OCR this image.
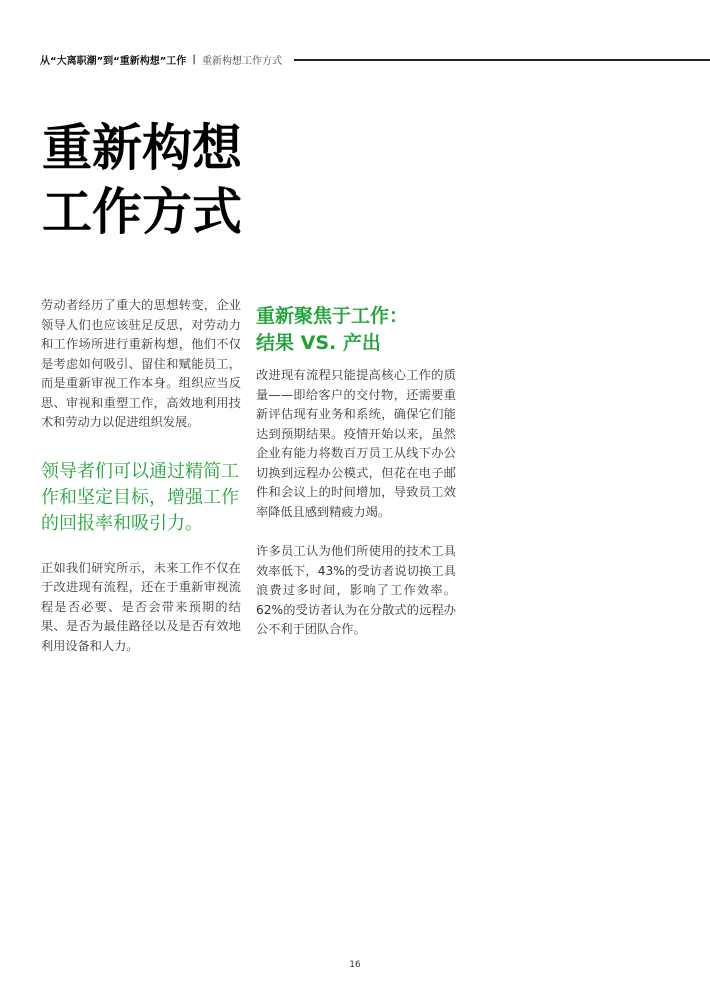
从“大离职潮”到“重新构想”工作 | 重新构想工作方式
重新构想
工作方式

劳动者经历了重大的思想转变，企业领导人们也应该驻足反思，对劳动力和工作场所进行重新构想，他们不仅是考虑如何吸引、留住和赋能员工，而是重新审视工作本身。组织应当反思、审视和重塑工作，高效地利用技术和劳动力以促进组织发展。

领导者们可以通过精简工作和坚定目标，增强工作的回报率和吸引力。

正如我们研究所示，未来工作不仅在于改进现有流程，还在于重新审视流程是否必要、是否会带来预期的结果、是否为最佳路径以及是否有效地利用设备和人力。

重新聚焦于工作：
结果 VS. 产出

改进现有流程只能提高核心工作的质量——即给客户的交付物，还需要重新评估现有业务和系统，确保它们能达到预期结果。疫情开始以来，虽然企业有能力将数百万员工从线下办公切换到远程办公模式，但花在电子邮件和会议上的时间增加，导致员工效率降低且感到精疲力竭。

许多员工认为他们所使用的技术工具效率低下，43%的受访者说切换工具浪费过多时间，影响了工作效率。62%的受访者认为在分散式的远程办公不利于团队合作。

16
